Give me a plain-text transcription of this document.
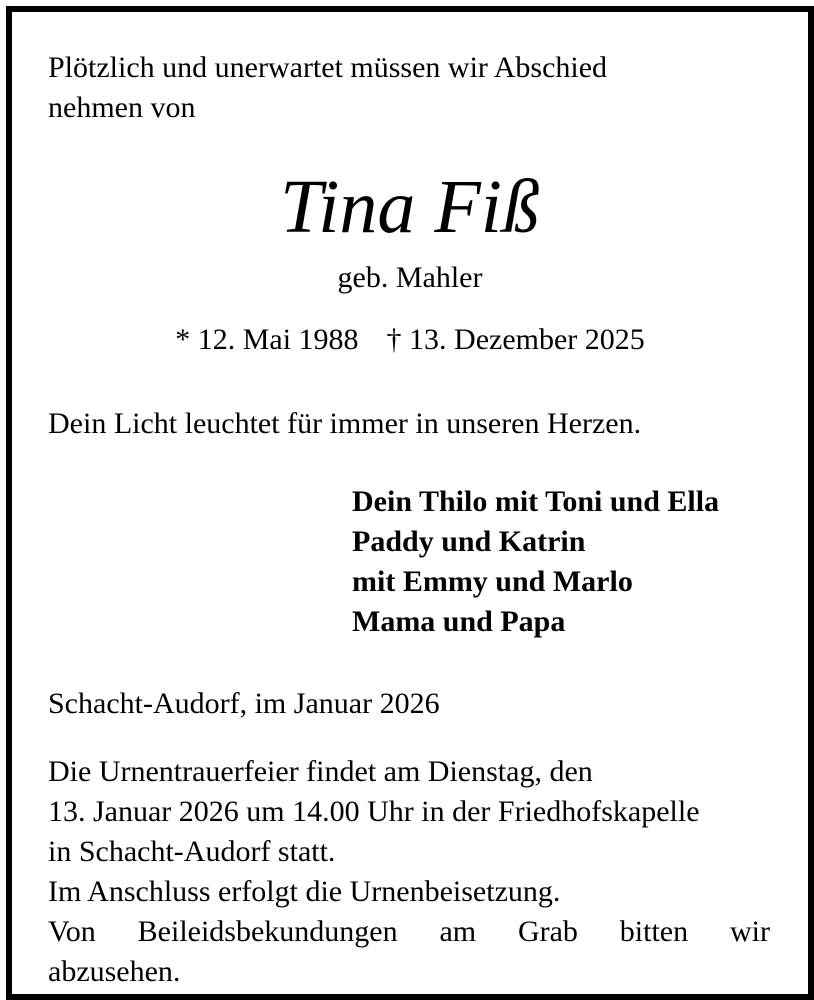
Plötzlich und unerwartet müssen wir Abschied
nehmen von
Tina Fiß
geb. Mahler
* 12. Mai 1988 † 13. Dezember 2025
Dein Licht leuchtet für immer in unseren Herzen.
Dein Thilo mit Toni und Ella
Paddy und Katrin
mit Emmy und Marlo
Mama und Papa
Schacht-Audorf, im Januar 2026
Die Urnentrauerfeier findet am Dienstag, den
13. Januar 2026 um 14.00 Uhr in der Friedhofskapelle
in Schacht-Audorf statt.
Im Anschluss erfolgt die Urnenbeisetzung.
Von Beileidsbekundungen am Grab bitten wir
abzusehen.
